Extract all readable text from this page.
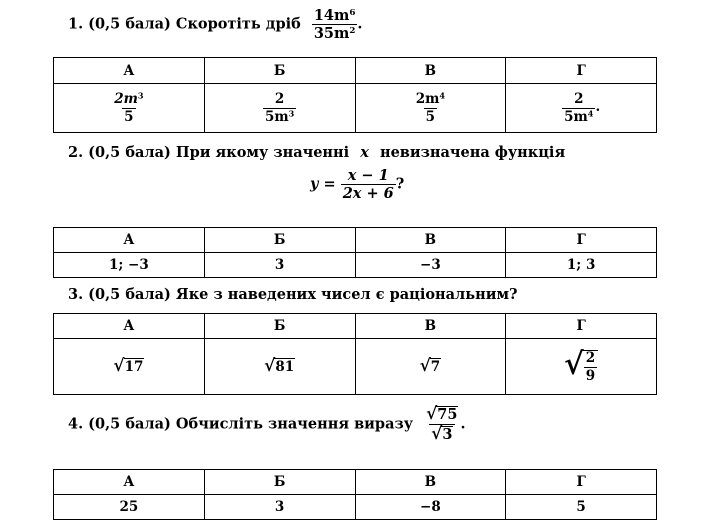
1. (0,5 бала) Скоротіть дріб $\frac{14m^6}{35m^2}$ .
А	Б	В	Г

$\frac{2m^3}{5}$	$\frac{2}{5m^3}$	$\frac{2m^4}{5}$	$\frac{2}{5m^4}$ .
2. (0,5 бала) При якому значенні x невизначена функція
$y = \frac{x - 1}{2x + 6}$ ?
А	Б	В	Г
1; −3	3	−3	1; 3
3. (0,5 бала) Яке з наведених чисел є раціональним?
А	Б	В	Г

√ 17	√ 81	√ 7	√ $\frac{2}{9}$
4. (0,5 бала) Обчисліть значення виразу $\frac{√ 75}{√ 3}$ .
А	Б	В	Г
25	3	−8	5
